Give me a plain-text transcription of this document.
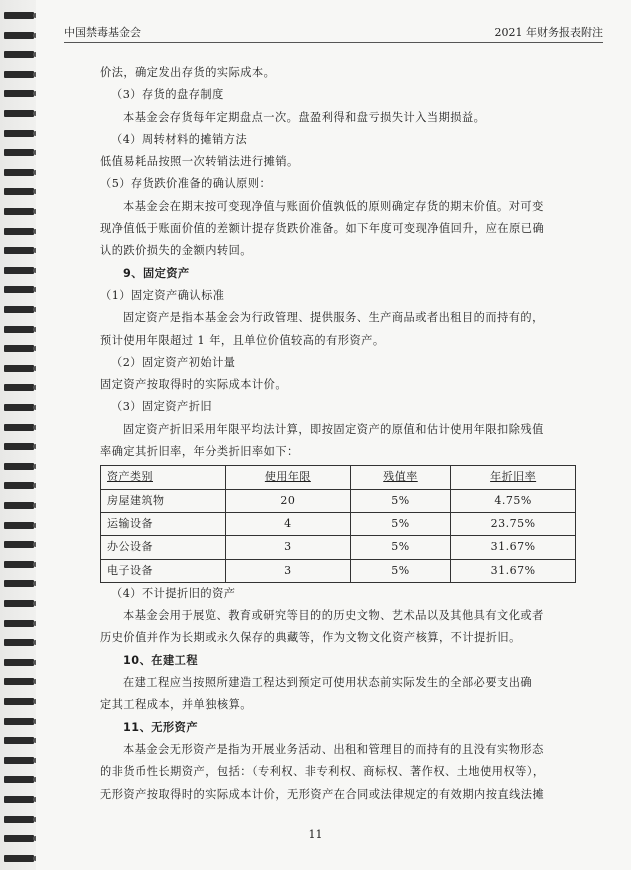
中国禁毒基金会	2021 年财务报表附注

价法，确定发出存货的实际成本。

（3）存货的盘存制度

本基金会存货每年定期盘点一次。盘盈利得和盘亏损失计入当期损益。

（4）周转材料的摊销方法

低值易耗品按照一次转销法进行摊销。

（5）存货跌价准备的确认原则：

本基金会在期末按可变现净值与账面价值孰低的原则确定存货的期末价值。对可变

现净值低于账面价值的差额计提存货跌价准备。如下年度可变现净值回升，应在原已确

认的跌价损失的金额内转回。

9、固定资产

（1）固定资产确认标准

固定资产是指本基金会为行政管理、提供服务、生产商品或者出租目的而持有的，

预计使用年限超过 1 年，且单位价值较高的有形资产。

（2）固定资产初始计量

固定资产按取得时的实际成本计价。

（3）固定资产折旧

固定资产折旧采用年限平均法计算，即按固定资产的原值和估计使用年限扣除残值

率确定其折旧率，年分类折旧率如下：

资产类别	使用年限	残值率	年折旧率
房屋建筑物	20	5%	4.75%
运输设备	4	5%	23.75%
办公设备	3	5%	31.67%
电子设备	3	5%	31.67%

（4）不计提折旧的资产

本基金会用于展览、教育或研究等目的的历史文物、艺术品以及其他具有文化或者

历史价值并作为长期或永久保存的典藏等，作为文物文化资产核算，不计提折旧。

10、在建工程

在建工程应当按照所建造工程达到预定可使用状态前实际发生的全部必要支出确

定其工程成本，并单独核算。

11、无形资产

本基金会无形资产是指为开展业务活动、出租和管理目的而持有的且没有实物形态

的非货币性长期资产，包括：（专利权、非专利权、商标权、著作权、土地使用权等），

无形资产按取得时的实际成本计价，无形资产在合同或法律规定的有效期内按直线法摊

11
